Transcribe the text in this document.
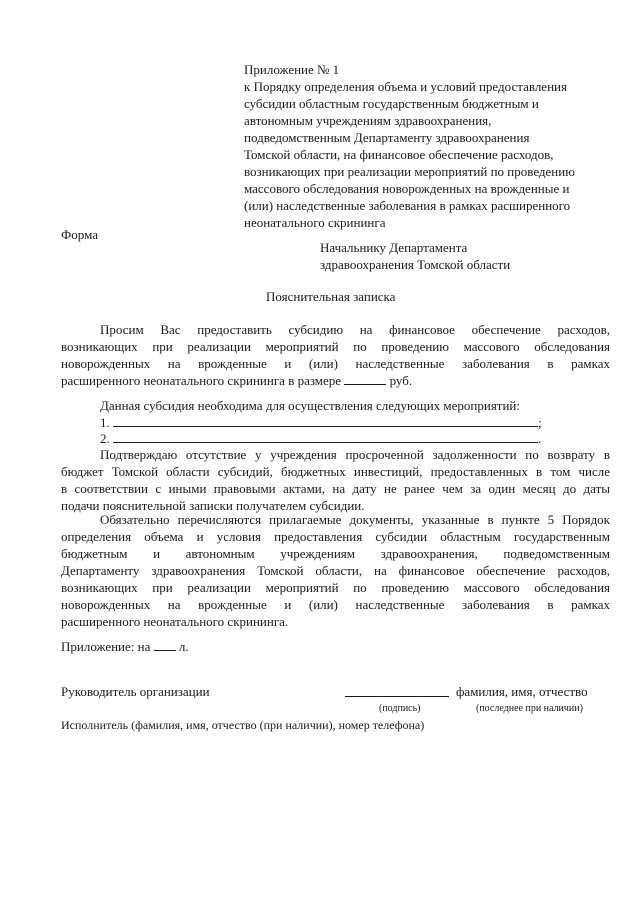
Приложение № 1
к Порядку определения объема и условий предоставления
субсидии областным государственным бюджетным и
автономным учреждениям здравоохранения,
подведомственным Департаменту здравоохранения
Томской области, на финансовое обеспечение расходов,
возникающих при реализации мероприятий по проведению
массового обследования новорожденных на врожденные и
(или) наследственные заболевания в рамках расширенного
неонатального скрининга
Форма
Начальнику Департамента
здравоохранения Томской области
Пояснительная записка
Просим Вас предоставить субсидию на финансовое обеспечение расходов,
возникающих при реализации мероприятий по проведению массового обследования
новорожденных на врожденные и (или) наследственные заболевания в рамках
расширенного неонатального скрининга в размере	руб.
Данная субсидия необходима для осуществления следующих мероприятий:
1.	;
2.	.
Подтверждаю отсутствие у учреждения просроченной задолженности по возврату в
бюджет Томской области субсидий, бюджетных инвестиций, предоставленных в том числе
в соответствии с иными правовыми актами, на дату не ранее чем за один месяц до даты
подачи пояснительной записки получателем субсидии.
Обязательно перечисляются прилагаемые документы, указанные в пункте 5 Порядок
определения объема и условия предоставления субсидии областным государственным
бюджетным и автономным учреждениям здравоохранения, подведомственным
Департаменту здравоохранения Томской области, на финансовое обеспечение расходов,
возникающих при реализации мероприятий по проведению массового обследования
новорожденных на врожденные и (или) наследственные заболевания в рамках
расширенного неонатального скрининга.
Приложение: на л.
Руководитель организации	фамилия, имя, отчество
(подпись)	(последнее при наличии)
Исполнитель (фамилия, имя, отчество (при наличии), номер телефона)
